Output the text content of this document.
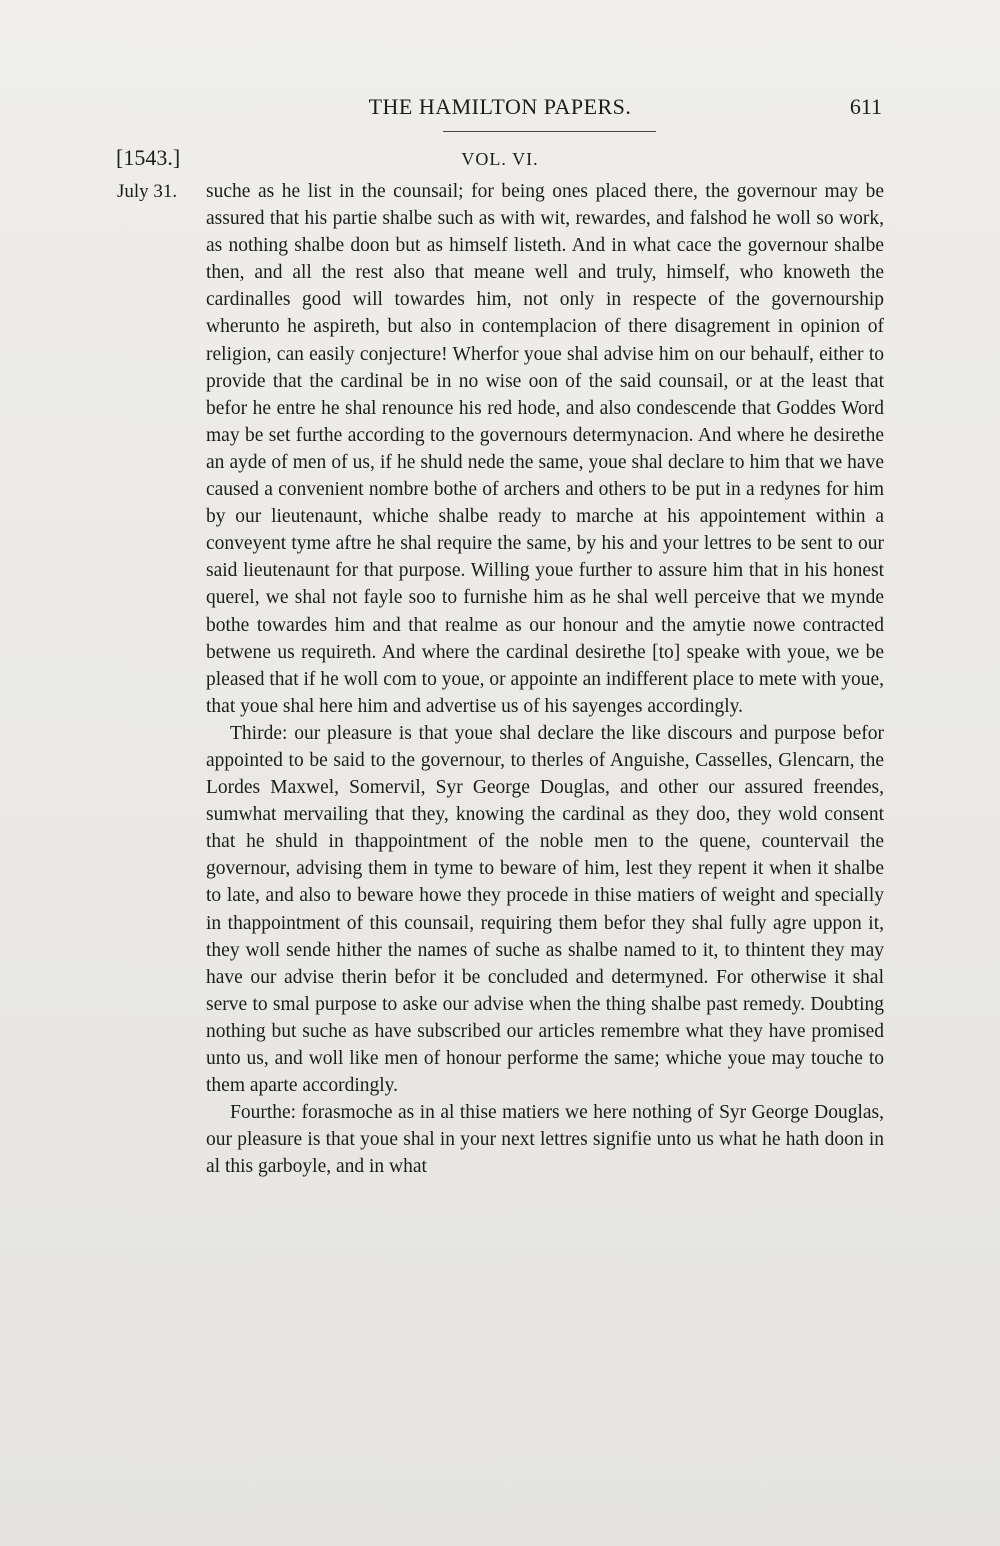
THE HAMILTON PAPERS.	611
[1543.]	VOL. VI.
July 31. suche as he list in the counsail; for being ones placed there, the governour may be assured that his partie shalbe such as with wit, rewardes, and falshod he woll so work, as nothing shalbe doon but as himself listeth. And in what cace the governour shalbe then, and all the rest also that meane well and truly, himself, who knoweth the cardinalles good will towardes him, not only in respecte of the governourship wherunto he aspireth, but also in contemplacion of there disagrement in opinion of religion, can easily conjecture! Wherfor youe shal advise him on our behaulf, either to provide that the cardinal be in no wise oon of the said counsail, or at the least that befor he entre he shal renounce his red hode, and also condescende that Goddes Word may be set furthe according to the governours determynacion. And where he desirethe an ayde of men of us, if he shuld nede the same, youe shal declare to him that we have caused a convenient nombre bothe of archers and others to be put in a redynes for him by our lieutenaunt, whiche shalbe ready to marche at his appointement within a conveyent tyme aftre he shal require the same, by his and your lettres to be sent to our said lieutenaunt for that purpose. Willing youe further to assure him that in his honest querel, we shal not fayle soo to furnishe him as he shal well perceive that we mynde bothe towardes him and that realme as our honour and the amytie nowe contracted betwene us requireth. And where the cardinal desirethe [to] speake with youe, we be pleased that if he woll com to youe, or appointe an indifferent place to mete with youe, that youe shal here him and advertise us of his sayenges accordingly.

Thirde: our pleasure is that youe shal declare the like discours and purpose befor appointed to be said to the governour, to therles of Anguishe, Casselles, Glencarn, the Lordes Maxwel, Somervil, Syr George Douglas, and other our assured freendes, sumwhat mervailing that they, knowing the cardinal as they doo, they wold consent that he shuld in thappointment of the noble men to the quene, countervail the governour, advising them in tyme to beware of him, lest they repent it when it shalbe to late, and also to beware howe they procede in thise matiers of weight and specially in thappointment of this counsail, requiring them befor they shal fully agre uppon it, they woll sende hither the names of suche as shalbe named to it, to thintent they may have our advise therin befor it be concluded and determyned. For otherwise it shal serve to smal purpose to aske our advise when the thing shalbe past remedy. Doubting nothing but suche as have subscribed our articles remembre what they have promised unto us, and woll like men of honour performe the same; whiche youe may touche to them aparte accordingly.

Fourthe: forasmoche as in al thise matiers we here nothing of Syr George Douglas, our pleasure is that youe shal in your next lettres signifie unto us what he hath doon in al this garboyle, and in what
